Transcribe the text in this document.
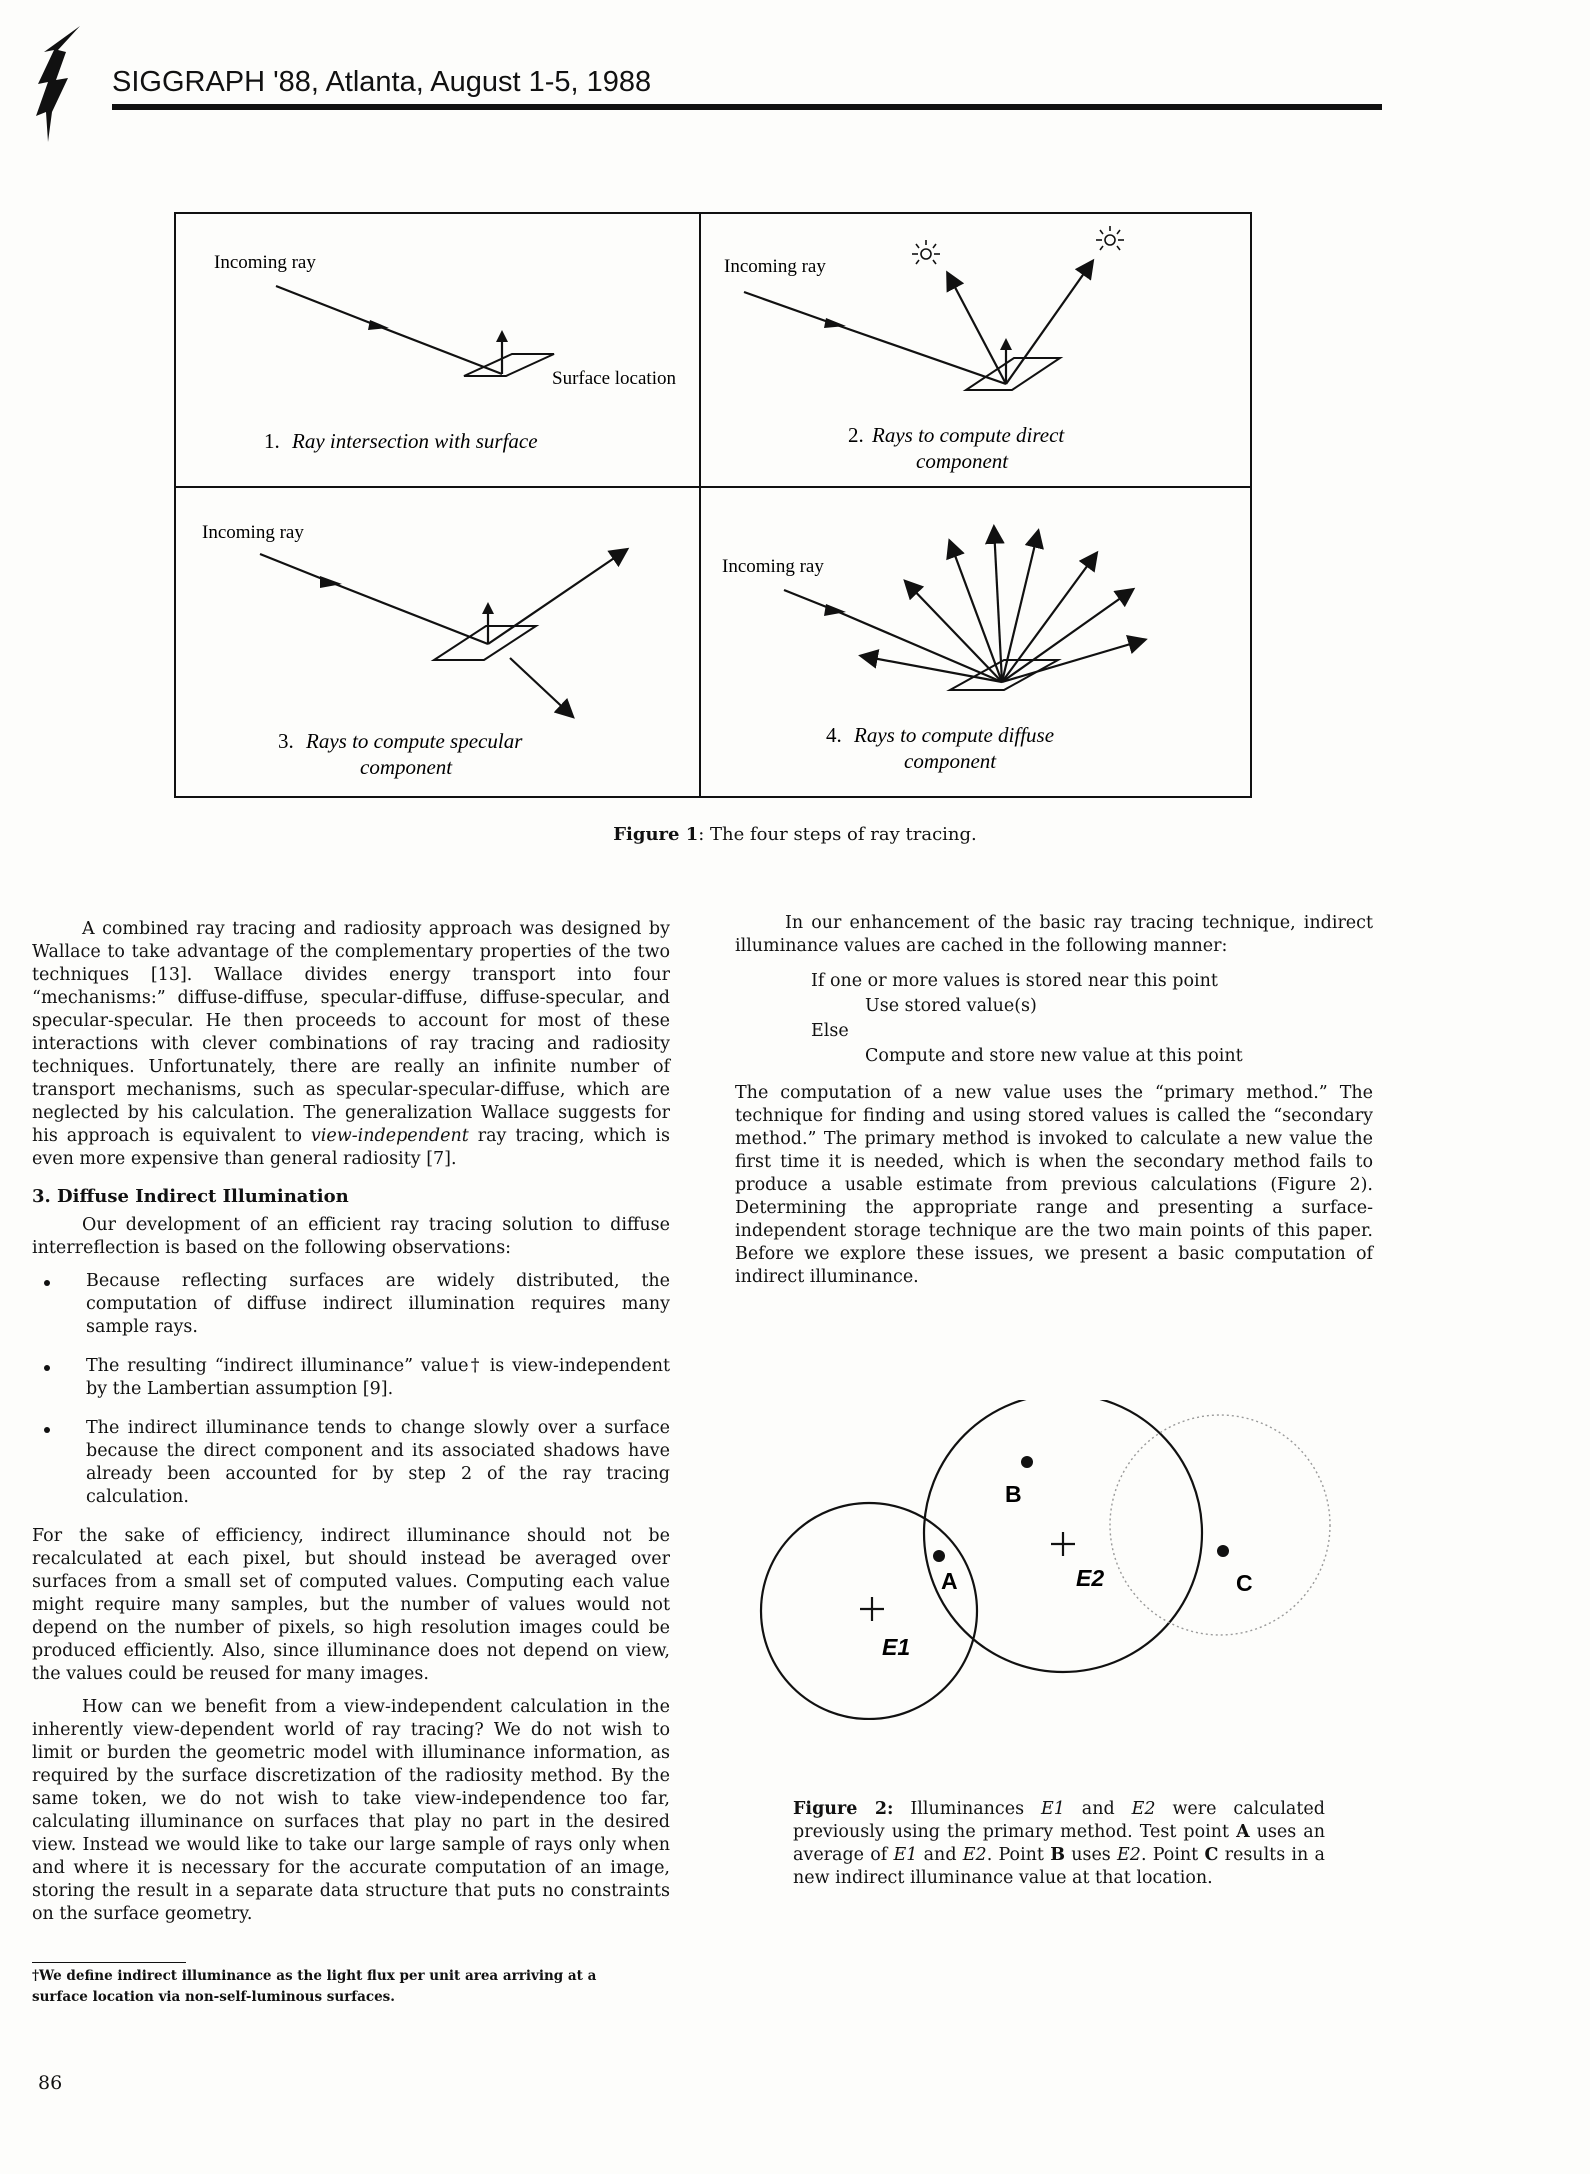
SIGGRAPH '88, Atlanta, August 1-5, 1988
Incoming ray
Surface location
1. Ray intersection with surface
Incoming ray
2. Rays to compute direct
component
Incoming ray
3. Rays to compute specular
component
Incoming ray
4. Rays to compute diffuse
component
Figure 1: The four steps of ray tracing.

A combined ray tracing and radiosity approach was designed by Wallace to take advantage of the complementary properties of the two techniques [13]. Wallace divides energy transport into four “mechanisms:” diffuse-diffuse, specular-diffuse, diffuse-specular, and specular-specular. He then proceeds to account for most of these interactions with clever combinations of ray tracing and radiosity techniques. Unfortunately, there are really an infinite number of transport mechanisms, such as specular-specular-diffuse, which are neglected by his calculation. The generalization Wallace suggests for his approach is equivalent to view-independent ray tracing, which is even more expensive than general radiosity [7].

3. Diffuse Indirect Illumination

Our development of an efficient ray tracing solution to diffuse interreflection is based on the following observations:

Because reflecting surfaces are widely distributed, the computation of diffuse indirect illumination requires many sample rays.
The resulting “indirect illuminance” value† is view-independent by the Lambertian assumption [9].
The indirect illuminance tends to change slowly over a surface because the direct component and its associated shadows have already been accounted for by step 2 of the ray tracing calculation.

For the sake of efficiency, indirect illuminance should not be recalculated at each pixel, but should instead be averaged over surfaces from a small set of computed values. Computing each value might require many samples, but the number of values would not depend on the number of pixels, so high resolution images could be produced efficiently. Also, since illuminance does not depend on view, the values could be reused for many images.

How can we benefit from a view-independent calculation in the inherently view-dependent world of ray tracing? We do not wish to limit or burden the geometric model with illuminance information, as required by the surface discretization of the radiosity method. By the same token, we do not wish to take view-independence too far, calculating illuminance on surfaces that play no part in the desired view. Instead we would like to take our large sample of rays only when and where it is necessary for the accurate computation of an image, storing the result in a separate data structure that puts no constraints on the surface geometry.

In our enhancement of the basic ray tracing technique, indirect illuminance values are cached in the following manner:

If one or more values is stored near this point
Use stored value(s)
Else
Compute and store new value at this point

The computation of a new value uses the “primary method.” The technique for finding and using stored values is called the “secondary method.” The primary method is invoked to calculate a new value the first time it is needed, which is when the secondary method fails to produce a usable estimate from previous calculations (Figure 2). Determining the appropriate range and presenting a surface-independent storage technique are the two main points of this paper. Before we explore these issues, we present a basic computation of indirect illuminance.

A
B
C
E1
E2
Figure 2: Illuminances E1 and E2 were calculated previously using the primary method. Test point A uses an average of E1 and E2. Point B uses E2. Point C results in a new indirect illuminance value at that location.
†We define indirect illuminance as the light flux per unit area arriving at a surface location via non-self-luminous surfaces.
86
